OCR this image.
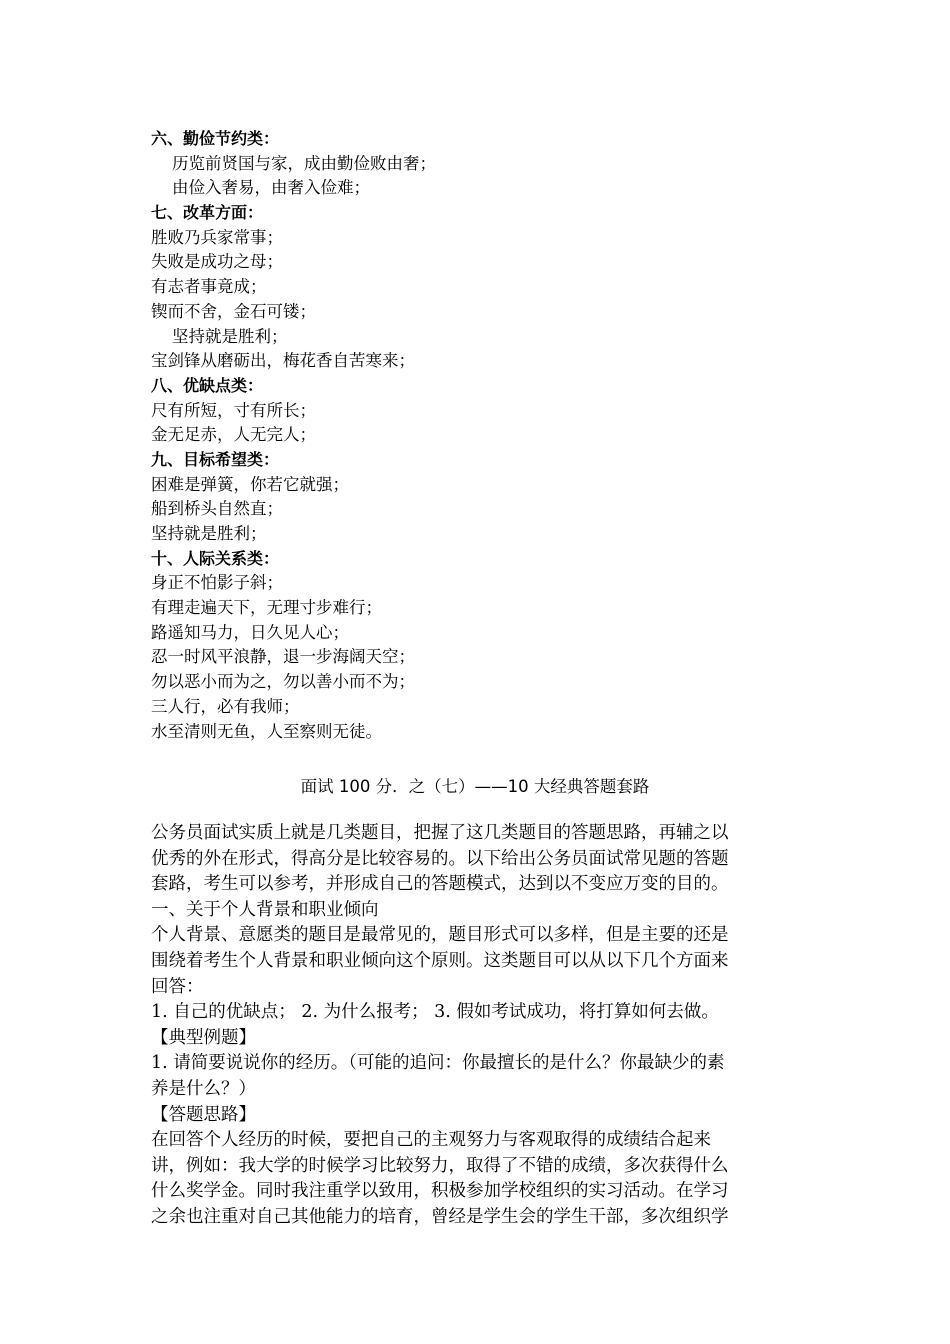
六、勤俭节约类：
历览前贤国与家，成由勤俭败由奢；
由俭入奢易，由奢入俭难；
七、改革方面：
胜败乃兵家常事；
失败是成功之母；
有志者事竟成；
锲而不舍，金石可镂；
坚持就是胜利；
宝剑锋从磨砺出，梅花香自苦寒来；
八、优缺点类：
尺有所短，寸有所长；
金无足赤，人无完人；
九、目标希望类：
困难是弹簧，你若它就强；
船到桥头自然直；
坚持就是胜利；
十、人际关系类：
身正不怕影子斜；
有理走遍天下，无理寸步难行；
路遥知马力，日久见人心；
忍一时风平浪静，退一步海阔天空；
勿以恶小而为之，勿以善小而不为；
三人行，必有我师；
水至清则无鱼，人至察则无徒。
面试 100 分．之（七）——10 大经典答题套路
公务员面试实质上就是几类题目，把握了这几类题目的答题思路，再辅之以
优秀的外在形式，得高分是比较容易的。以下给出公务员面试常见题的答题
套路，考生可以参考，并形成自己的答题模式，达到以不变应万变的目的。
一、关于个人背景和职业倾向
个人背景、意愿类的题目是最常见的，题目形式可以多样，但是主要的还是
围绕着考生个人背景和职业倾向这个原则。这类题目可以从以下几个方面来
回答：
1. 自己的优缺点； 2. 为什么报考； 3. 假如考试成功，将打算如何去做。
【典型例题】
1. 请简要说说你的经历。（可能的追问：你最擅长的是什么？你最缺少的素
养是什么？）
【答题思路】
在回答个人经历的时候，要把自己的主观努力与客观取得的成绩结合起来
讲，例如：我大学的时候学习比较努力，取得了不错的成绩，多次获得什么
什么奖学金。同时我注重学以致用，积极参加学校组织的实习活动。在学习
之余也注重对自己其他能力的培育，曾经是学生会的学生干部，多次组织学
